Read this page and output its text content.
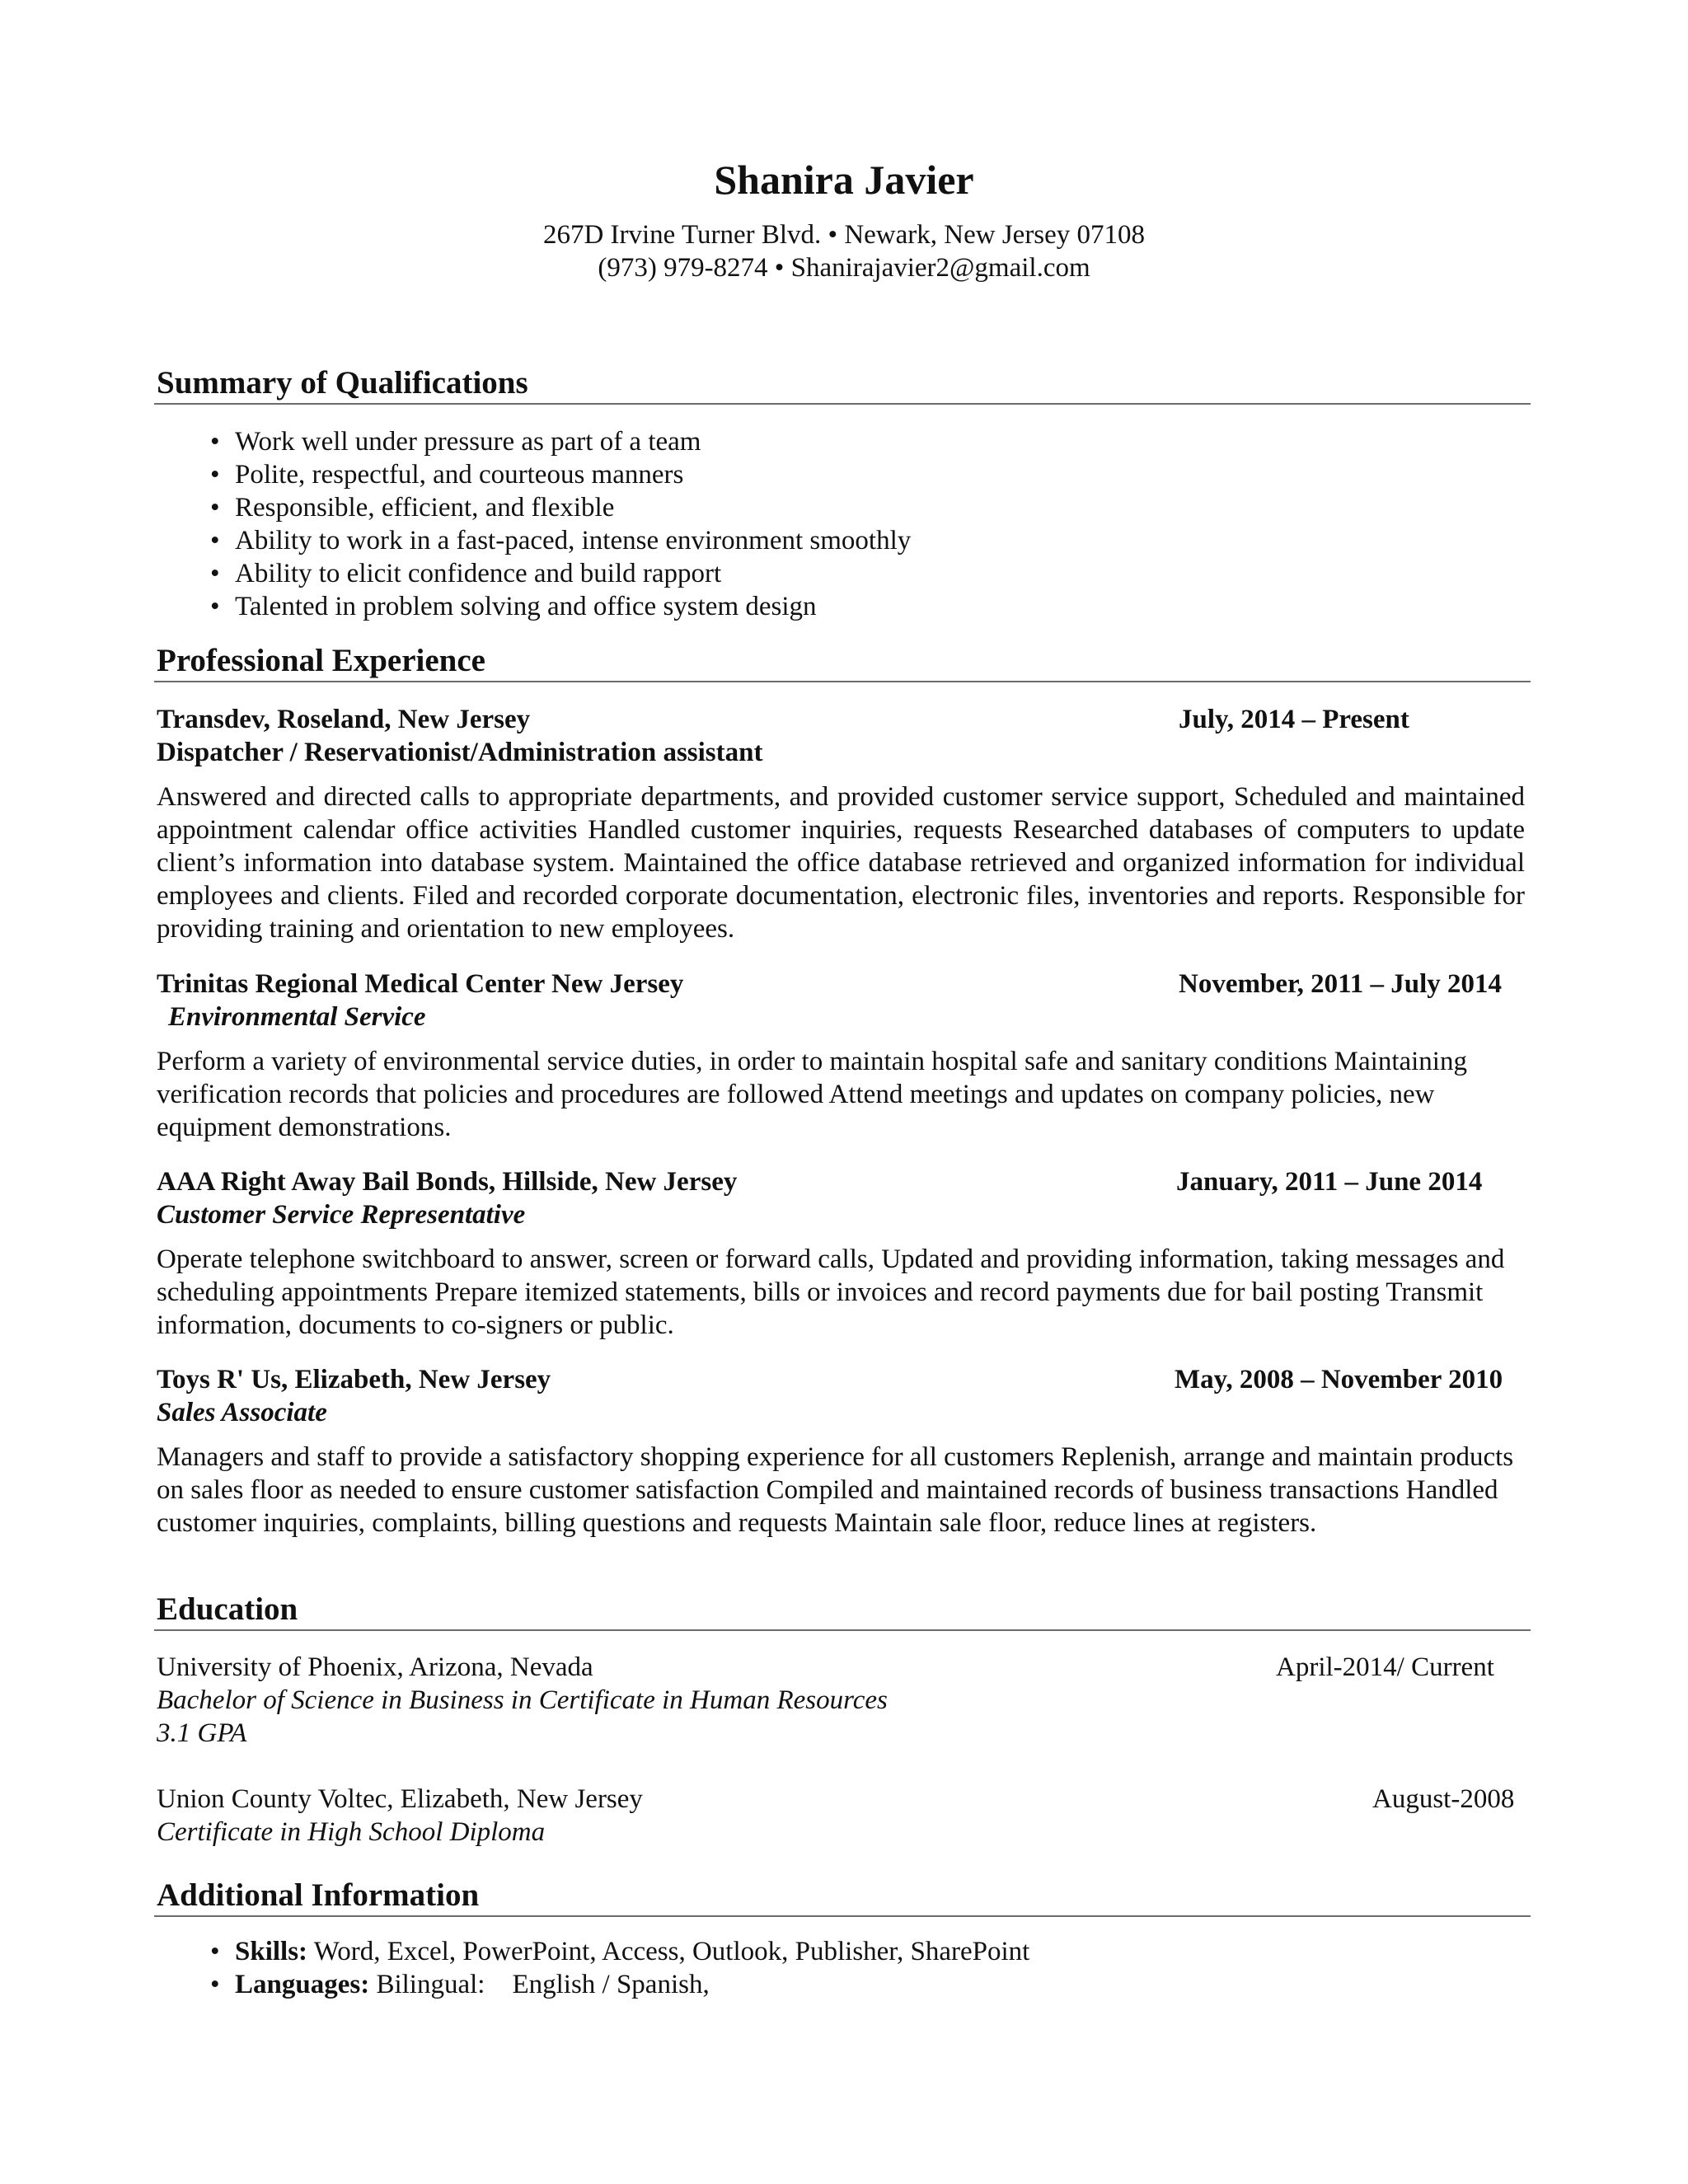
Shanira Javier
267D Irvine Turner Blvd. • Newark, New Jersey 07108
(973) 979-8274 • Shanirajavier2@gmail.com
Summary of Qualifications
• Work well under pressure as part of a team
• Polite, respectful, and courteous manners
• Responsible, efficient, and flexible
• Ability to work in a fast-paced, intense environment smoothly
• Ability to elicit confidence and build rapport
• Talented in problem solving and office system design
Professional Experience
Transdev, Roseland, New Jersey	July, 2014 – Present
Dispatcher / Reservationist/Administration assistant
Answered and directed calls to appropriate departments, and provided customer service support, Scheduled and maintained appointment calendar office activities Handled customer inquiries, requests Researched databases of computers to update client’s information into database system. Maintained the office database retrieved and organized information for individual employees and clients. Filed and recorded corporate documentation, electronic files, inventories and reports. Responsible for providing training and orientation to new employees.
Trinitas Regional Medical Center New Jersey	November, 2011 – July 2014
Environmental Service
Perform a variety of environmental service duties, in order to maintain hospital safe and sanitary conditions Maintaining verification records that policies and procedures are followed Attend meetings and updates on company policies, new equipment demonstrations.
AAA Right Away Bail Bonds, Hillside, New Jersey	January, 2011 – June 2014
Customer Service Representative
Operate telephone switchboard to answer, screen or forward calls, Updated and providing information, taking messages and scheduling appointments Prepare itemized statements, bills or invoices and record payments due for bail posting Transmit information, documents to co-signers or public.
Toys R' Us, Elizabeth, New Jersey	May, 2008 – November 2010
Sales Associate
Managers and staff to provide a satisfactory shopping experience for all customers Replenish, arrange and maintain products on sales floor as needed to ensure customer satisfaction Compiled and maintained records of business transactions Handled customer inquiries, complaints, billing questions and requests Maintain sale floor, reduce lines at registers.
Education
University of Phoenix, Arizona, Nevada	April-2014/ Current
Bachelor of Science in Business in Certificate in Human Resources
3.1 GPA
Union County Voltec, Elizabeth, New Jersey	August-2008
Certificate in High School Diploma
Additional Information
• Skills: Word, Excel, PowerPoint, Access, Outlook, Publisher, SharePoint
• Languages: Bilingual:    English / Spanish,
